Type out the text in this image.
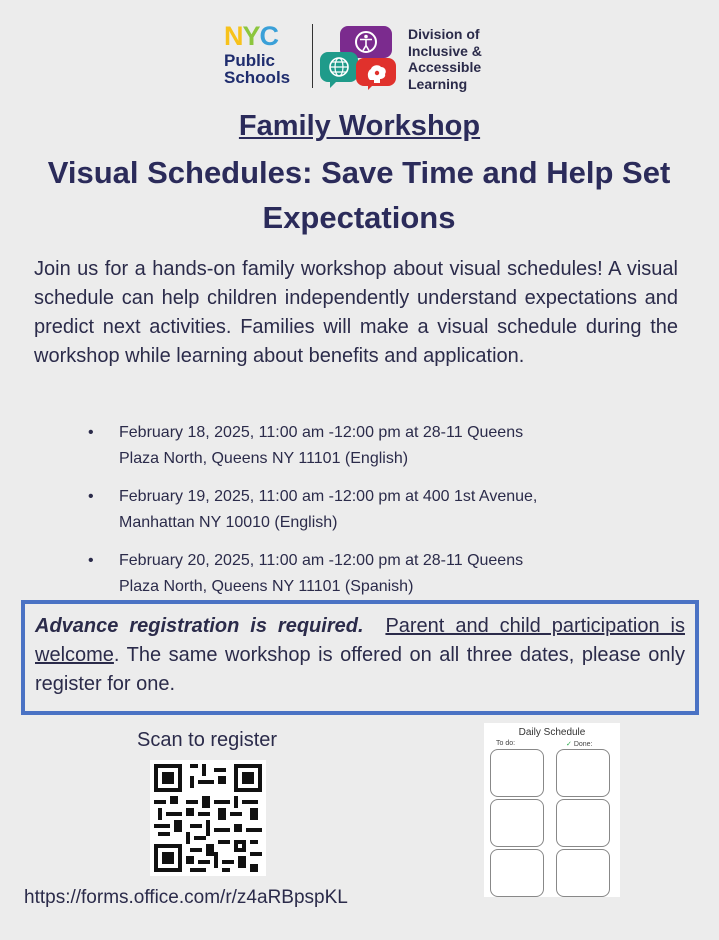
NYC
Public
Schools
Division of
Inclusive &
Accessible
Learning
Family Workshop
Visual Schedules: Save Time and Help Set Expectations
Join us for a hands-on family workshop about visual schedules! A visual schedule can help children independently understand expectations and predict next activities. Families will make a visual schedule during the workshop while learning about benefits and application.
• February 18, 2025, 11:00 am -12:00 pm at 28-11 Queens
Plaza North, Queens NY 11101 (English)
• February 19, 2025, 11:00 am -12:00 pm at 400 1st Avenue,
Manhattan NY 10010 (English)
• February 20, 2025, 11:00 am -12:00 pm at 28-11 Queens
Plaza North, Queens NY 11101 (Spanish)
Advance registration is required. Parent and child participation is welcome. The same workshop is offered on all three dates, please only register for one.
Scan to register
https://forms.office.com/r/z4aRBpspKL
Daily Schedule
To do:	✓ Done:
